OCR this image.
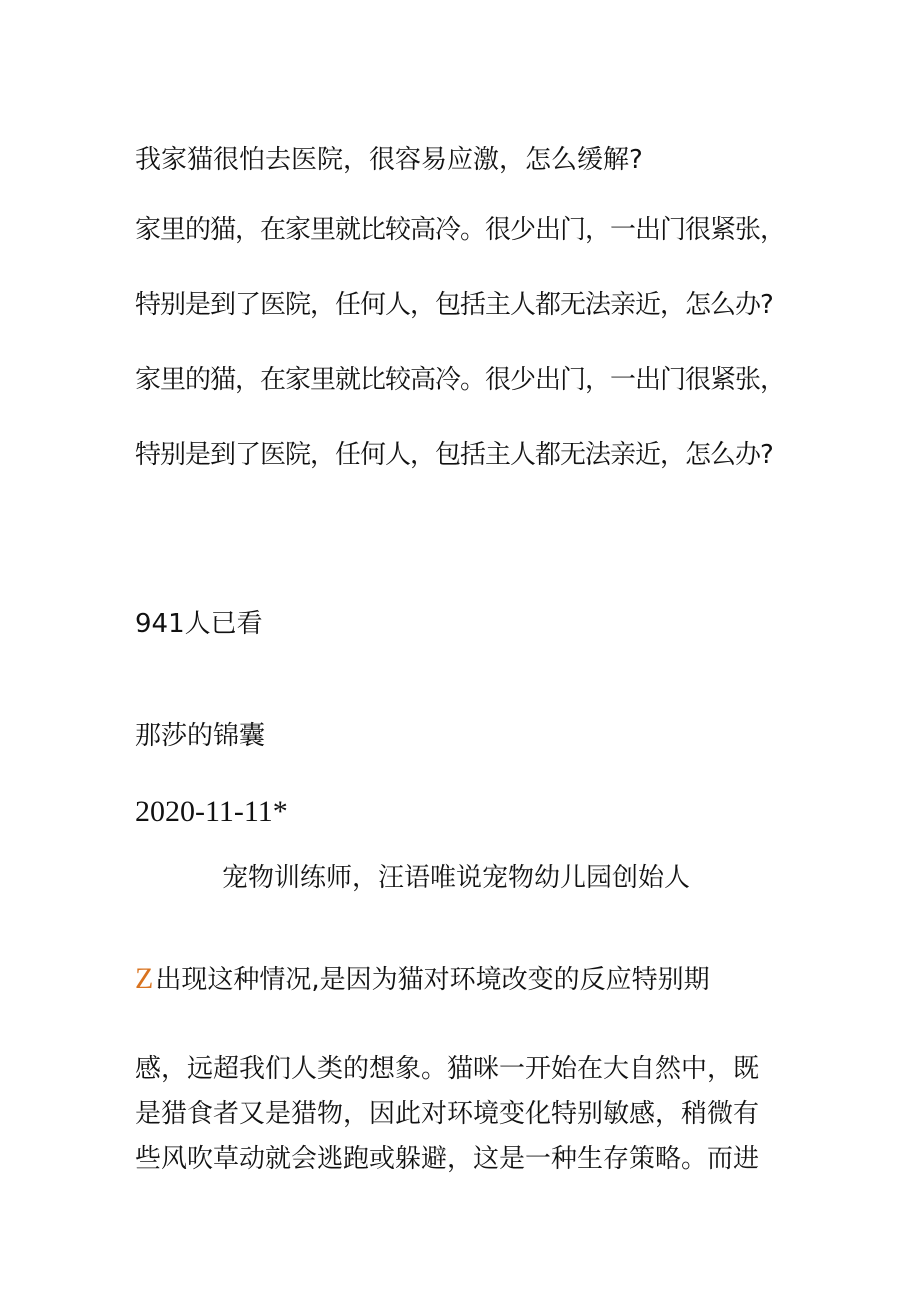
我家猫很怕去医院，很容易应激，怎么缓解?

家里的猫，在家里就比较高冷。很少出门，一出门很紧张，

特别是到了医院，任何人，包括主人都无法亲近，怎么办?

家里的猫，在家里就比较高冷。很少出门，一出门很紧张，

特别是到了医院，任何人，包括主人都无法亲近，怎么办?

941人已看

那莎的锦囊

2020-11-11*

宠物训练师，汪语唯说宠物幼儿园创始人

Z出现这种情况,是因为猫对环境改变的反应特别期

感，远超我们人类的想象。猫咪一开始在大自然中，既

是猎食者又是猎物，因此对环境变化特别敏感，稍微有

些风吹草动就会逃跑或躲避，这是一种生存策略。而进
